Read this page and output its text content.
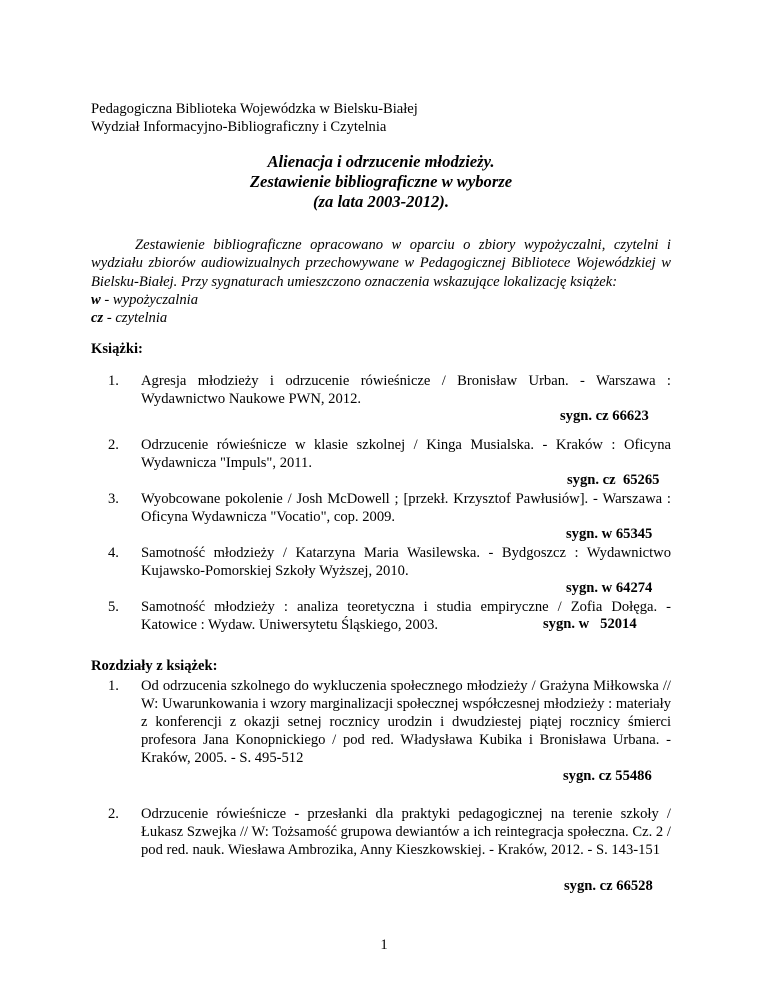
Pedagogiczna Biblioteka Wojewódzka w Bielsku-Białej
Wydział Informacyjno-Bibliograficzny i Czytelnia
Alienacja i odrzucenie młodzieży.
Zestawienie bibliograficzne w wyborze
(za lata 2003-2012).
Zestawienie bibliograficzne opracowano w oparciu o zbiory wypożyczalni, czytelni i wydziału zbiorów audiowizualnych przechowywane w Pedagogicznej Bibliotece Wojewódzkiej w Bielsku-Białej. Przy sygnaturach umieszczono oznaczenia wskazujące lokalizację książek:
w - wypożyczalnia
cz - czytelnia
Książki:
1. Agresja młodzieży i odrzucenie rówieśnicze / Bronisław Urban. - Warszawa : Wydawnictwo Naukowe PWN, 2012.
sygn. cz 66623
2. Odrzucenie rówieśnicze w klasie szkolnej / Kinga Musialska. - Kraków : Oficyna Wydawnicza "Impuls", 2011.
sygn. cz  65265
3. Wyobcowane pokolenie / Josh McDowell ; [przekł. Krzysztof Pawłusiów]. - Warszawa : Oficyna Wydawnicza "Vocatio", cop. 2009.
sygn. w 65345
4. Samotność młodzieży / Katarzyna Maria Wasilewska. - Bydgoszcz : Wydawnictwo Kujawsko-Pomorskiej Szkoły Wyższej, 2010.
sygn. w 64274
5. Samotność młodzieży : analiza teoretyczna i studia empiryczne / Zofia Dołęga. - Katowice : Wydaw. Uniwersytetu Śląskiego, 2003.	sygn. w   52014
Rozdziały z książek:
1. Od odrzucenia szkolnego do wykluczenia społecznego młodzieży / Grażyna Miłkowska // W: Uwarunkowania i wzory marginalizacji społecznej współczesnej młodzieży : materiały z konferencji z okazji setnej rocznicy urodzin i dwudziestej piątej rocznicy śmierci profesora Jana Konopnickiego / pod red. Władysława Kubika i Bronisława Urbana. - Kraków, 2005. - S. 495-512
sygn. cz 55486
2. Odrzucenie rówieśnicze - przesłanki dla praktyki pedagogicznej na terenie szkoły / Łukasz Szwejka // W: Tożsamość grupowa dewiantów a ich reintegracja społeczna. Cz. 2 / pod red. nauk. Wiesława Ambrozika, Anny Kieszkowskiej. - Kraków, 2012. - S. 143-151
sygn. cz 66528
1
